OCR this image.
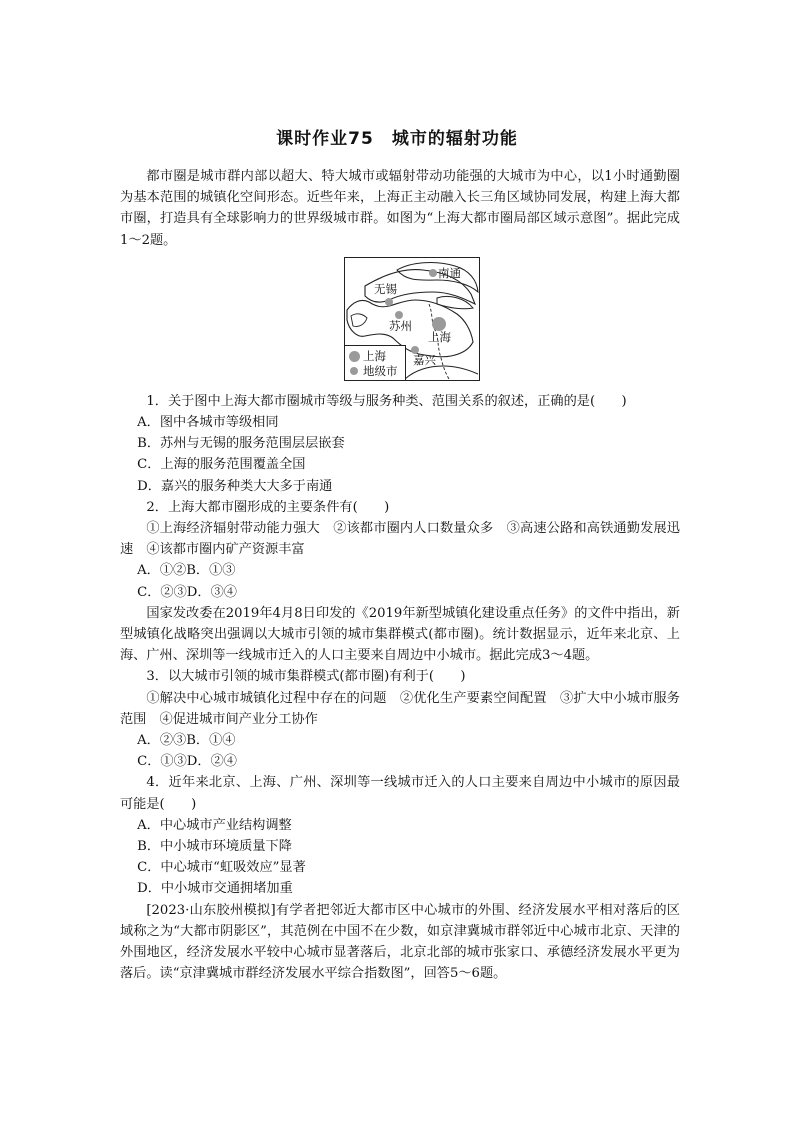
课时作业75　城市的辐射功能

都市圈是城市群内部以超大、特大城市或辐射带动功能强的大城市为中心，以1小时通勤圈为基本范围的城镇化空间形态。近些年来，上海正主动融入长三角区域协同发展，构建上海大都市圈，打造具有全球影响力的世界级城市群。如图为“上海大都市圈局部区域示意图”。据此完成1～2题。

南通
无锡
苏州
上海
嘉兴
上海
地级市

1．关于图中上海大都市圈城市等级与服务种类、范围关系的叙述，正确的是(　　)

A．图中各城市等级相同

B．苏州与无锡的服务范围层层嵌套

C．上海的服务范围覆盖全国

D．嘉兴的服务种类大大多于南通

2．上海大都市圈形成的主要条件有(　　)

①上海经济辐射带动能力强大　②该都市圈内人口数量众多　③高速公路和高铁通勤发展迅速　④该都市圈内矿产资源丰富

A．①②B．①③

C．②③D．③④

国家发改委在2019年4月8日印发的《2019年新型城镇化建设重点任务》的文件中指出，新型城镇化战略突出强调以大城市引领的城市集群模式(都市圈)。统计数据显示，近年来北京、上海、广州、深圳等一线城市迁入的人口主要来自周边中小城市。据此完成3～4题。

3．以大城市引领的城市集群模式(都市圈)有利于(　　)

①解决中心城市城镇化过程中存在的问题　②优化生产要素空间配置　③扩大中小城市服务范围　④促进城市间产业分工协作

A．②③B．①④

C．①③D．②④

4．近年来北京、上海、广州、深圳等一线城市迁入的人口主要来自周边中小城市的原因最可能是(　　)

A．中心城市产业结构调整

B．中小城市环境质量下降

C．中心城市“虹吸效应”显著

D．中小城市交通拥堵加重

[2023·山东胶州模拟]有学者把邻近大都市区中心城市的外围、经济发展水平相对落后的区域称之为“大都市阴影区”，其范例在中国不在少数，如京津冀城市群邻近中心城市北京、天津的外围地区，经济发展水平较中心城市显著落后，北京北部的城市张家口、承德经济发展水平更为落后。读“京津冀城市群经济发展水平综合指数图”，回答5～6题。
